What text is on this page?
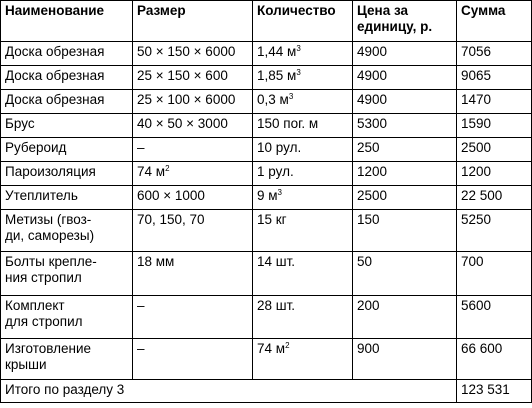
Наименование	Размер	Количество	Цена за единицу, р.	Сумма
Доска обрезная	50 × 150 × 6000	1,44 $м^3$	4900	7056
Доска обрезная	25 × 150 × 600	1,85 $м^3$	4900	9065
Доска обрезная	25 × 100 × 6000	0,3 $м^3$	4900	1470
Брус	40 × 50 × 3000	150 пог. м	5300	1590
Рубероид	–	10 рул.	250	2500
Пароизоляция	74 $м^2$	1 рул.	1200	1200
Утеплитель	600 × 1000	9 $м^3$	2500	22 500
Метизы (гвоз-
ди, саморезы)	70, 150, 70	15 кг	150	5250
Болты крепле-
ния стропил	18 мм	14 шт.	50	700
Комплект
для стропил	–	28 шт.	200	5600
Изготовление
крыши	–	74 $м^2$	900	66 600
Итого по разделу 3				123 531
